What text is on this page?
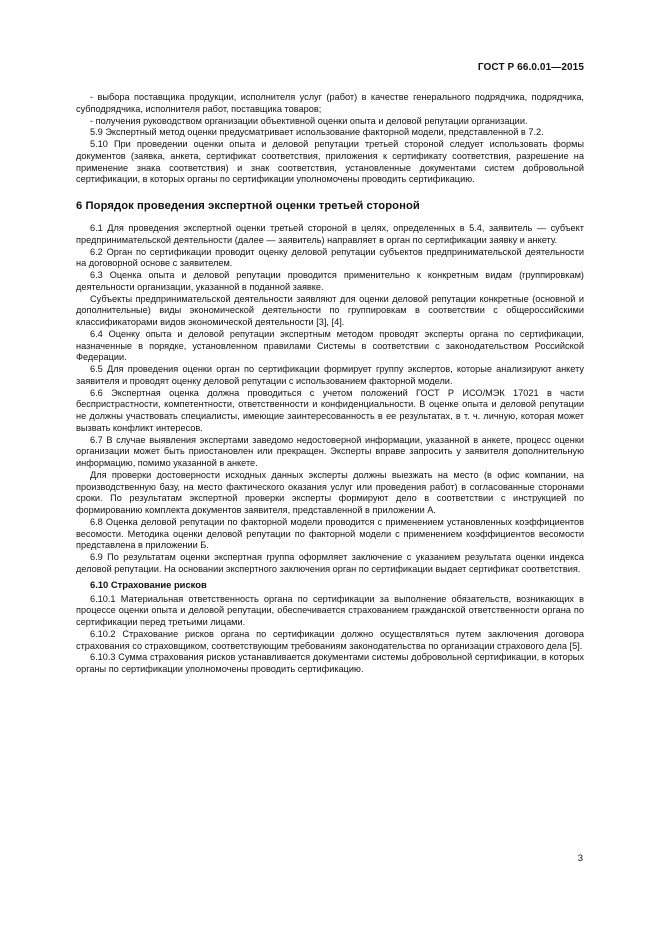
ГОСТ Р 66.0.01—2015

- выбора поставщика продукции, исполнителя услуг (работ) в качестве генерального подрядчика, подрядчика, субподрядчика, исполнителя работ, поставщика товаров;

- получения руководством организации объективной оценки опыта и деловой репутации организации.

5.9 Экспертный метод оценки предусматривает использование факторной модели, представленной в 7.2.

5.10 При проведении оценки опыта и деловой репутации третьей стороной следует использовать формы документов (заявка, анкета, сертификат соответствия, приложения к сертификату соответствия, разрешение на применение знака соответствия) и знак соответствия, установленные документами систем добровольной сертификации, в которых органы по сертификации уполномочены проводить сертификацию.

6 Порядок проведения экспертной оценки третьей стороной

6.1 Для проведения экспертной оценки третьей стороной в целях, определенных в 5.4, заявитель — субъект предпринимательской деятельности (далее — заявитель) направляет в орган по сертификации заявку и анкету.

6.2 Орган по сертификации проводит оценку деловой репутации субъектов предпринимательской деятельности на договорной основе с заявителем.

6.3 Оценка опыта и деловой репутации проводится применительно к конкретным видам (группировкам) деятельности организации, указанной в поданной заявке.

Субъекты предпринимательской деятельности заявляют для оценки деловой репутации конкретные (основной и дополнительные) виды экономической деятельности по группировкам в соответствии с общероссийскими классификаторами видов экономической деятельности [3], [4].

6.4 Оценку опыта и деловой репутации экспертным методом проводят эксперты органа по сертификации, назначенные в порядке, установленном правилами Системы в соответствии с законодательством Российской Федерации.

6.5 Для проведения оценки орган по сертификации формирует группу экспертов, которые анализируют анкету заявителя и проводят оценку деловой репутации с использованием факторной модели.

6.6 Экспертная оценка должна проводиться с учетом положений ГОСТ Р ИСО/МЭК 17021 в части беспристрастности, компетентности, ответственности и конфиденциальности. В оценке опыта и деловой репутации не должны участвовать специалисты, имеющие заинтересованность в ее результатах, в т. ч. личную, которая может вызвать конфликт интересов.

6.7 В случае выявления экспертами заведомо недостоверной информации, указанной в анкете, процесс оценки организации может быть приостановлен или прекращен. Эксперты вправе запросить у заявителя дополнительную информацию, помимо указанной в анкете.

Для проверки достоверности исходных данных эксперты должны выезжать на место (в офис компании, на производственную базу, на место фактического оказания услуг или проведения работ) в согласованные сторонами сроки. По результатам экспертной проверки эксперты формируют дело в соответствии с инструкцией по формированию комплекта документов заявителя, представленной в приложении А.

6.8 Оценка деловой репутации по факторной модели проводится с применением установленных коэффициентов весомости. Методика оценки деловой репутации по факторной модели с применением коэффициентов весомости представлена в приложении Б.

6.9 По результатам оценки экспертная группа оформляет заключение с указанием результата оценки индекса деловой репутации. На основании экспертного заключения орган по сертификации выдает сертификат соответствия.

6.10 Страхование рисков

6.10.1 Материальная ответственность органа по сертификации за выполнение обязательств, возникающих в процессе оценки опыта и деловой репутации, обеспечивается страхованием гражданской ответственности органа по сертификации перед третьими лицами.

6.10.2 Страхование рисков органа по сертификации должно осуществляться путем заключения договора страхования со страховщиком, соответствующим требованиям законодательства по организации страхового дела [5].

6.10.3 Сумма страхования рисков устанавливается документами системы добровольной сертификации, в которых органы по сертификации уполномочены проводить сертификацию.

3
